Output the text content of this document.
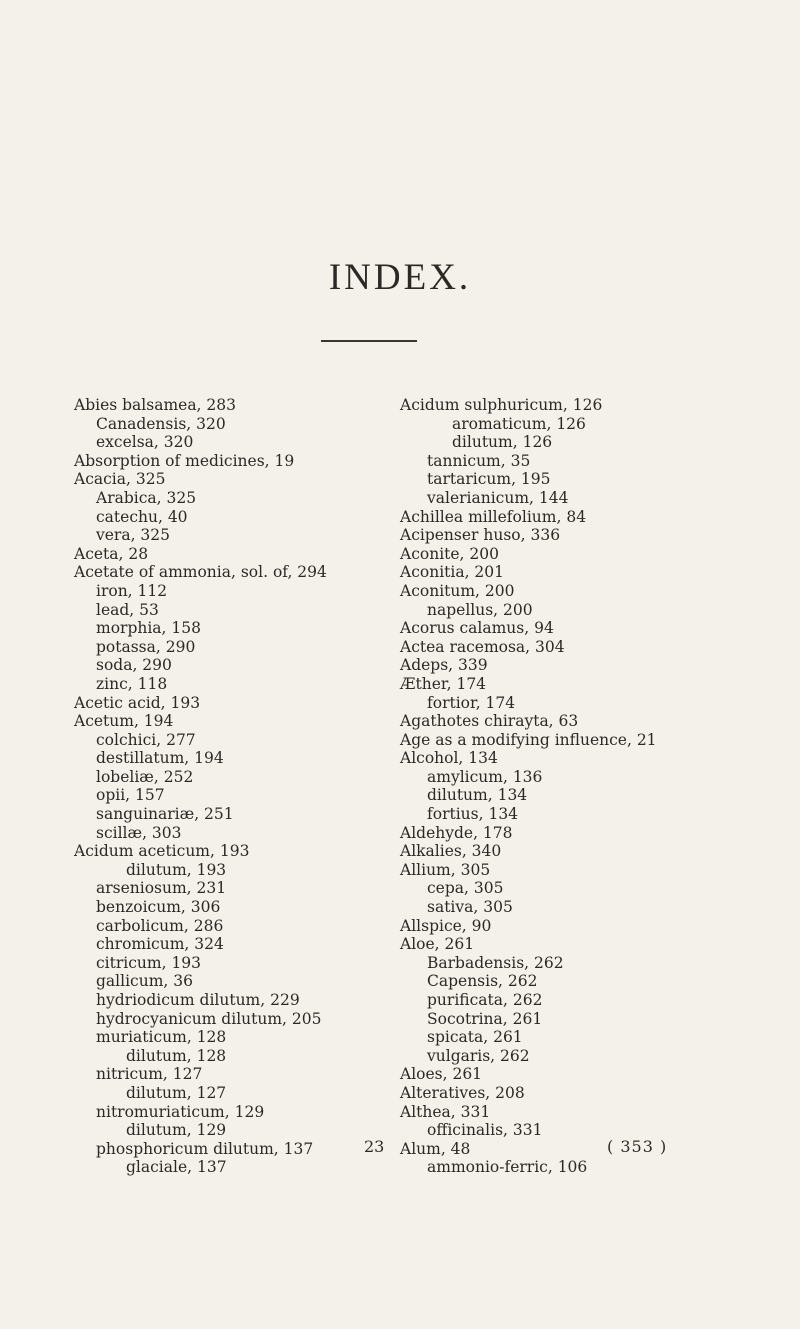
INDEX.
Abies balsamea, 283
Canadensis, 320
excelsa, 320
Absorption of medicines, 19
Acacia, 325
Arabica, 325
catechu, 40
vera, 325
Aceta, 28
Acetate of ammonia, sol. of, 294
iron, 112
lead, 53
morphia, 158
potassa, 290
soda, 290
zinc, 118
Acetic acid, 193
Acetum, 194
colchici, 277
destillatum, 194
lobeliæ, 252
opii, 157
sanguinariæ, 251
scillæ, 303
Acidum aceticum, 193
dilutum, 193
arseniosum, 231
benzoicum, 306
carbolicum, 286
chromicum, 324
citricum, 193
gallicum, 36
hydriodicum dilutum, 229
hydrocyanicum dilutum, 205
muriaticum, 128
dilutum, 128
nitricum, 127
dilutum, 127
nitromuriaticum, 129
dilutum, 129
phosphoricum dilutum, 137
glaciale, 137
Acidum sulphuricum, 126
aromaticum, 126
dilutum, 126
tannicum, 35
tartaricum, 195
valerianicum, 144
Achillea millefolium, 84
Acipenser huso, 336
Aconite, 200
Aconitia, 201
Aconitum, 200
napellus, 200
Acorus calamus, 94
Actea racemosa, 304
Adeps, 339
Æther, 174
fortior, 174
Agathotes chirayta, 63
Age as a modifying influence, 21
Alcohol, 134
amylicum, 136
dilutum, 134
fortius, 134
Aldehyde, 178
Alkalies, 340
Allium, 305
cepa, 305
sativa, 305
Allspice, 90
Aloe, 261
Barbadensis, 262
Capensis, 262
purificata, 262
Socotrina, 261
spicata, 261
vulgaris, 262
Aloes, 261
Alteratives, 208
Althea, 331
officinalis, 331
Alum, 48
ammonio-ferric, 106
23	( 353 )
